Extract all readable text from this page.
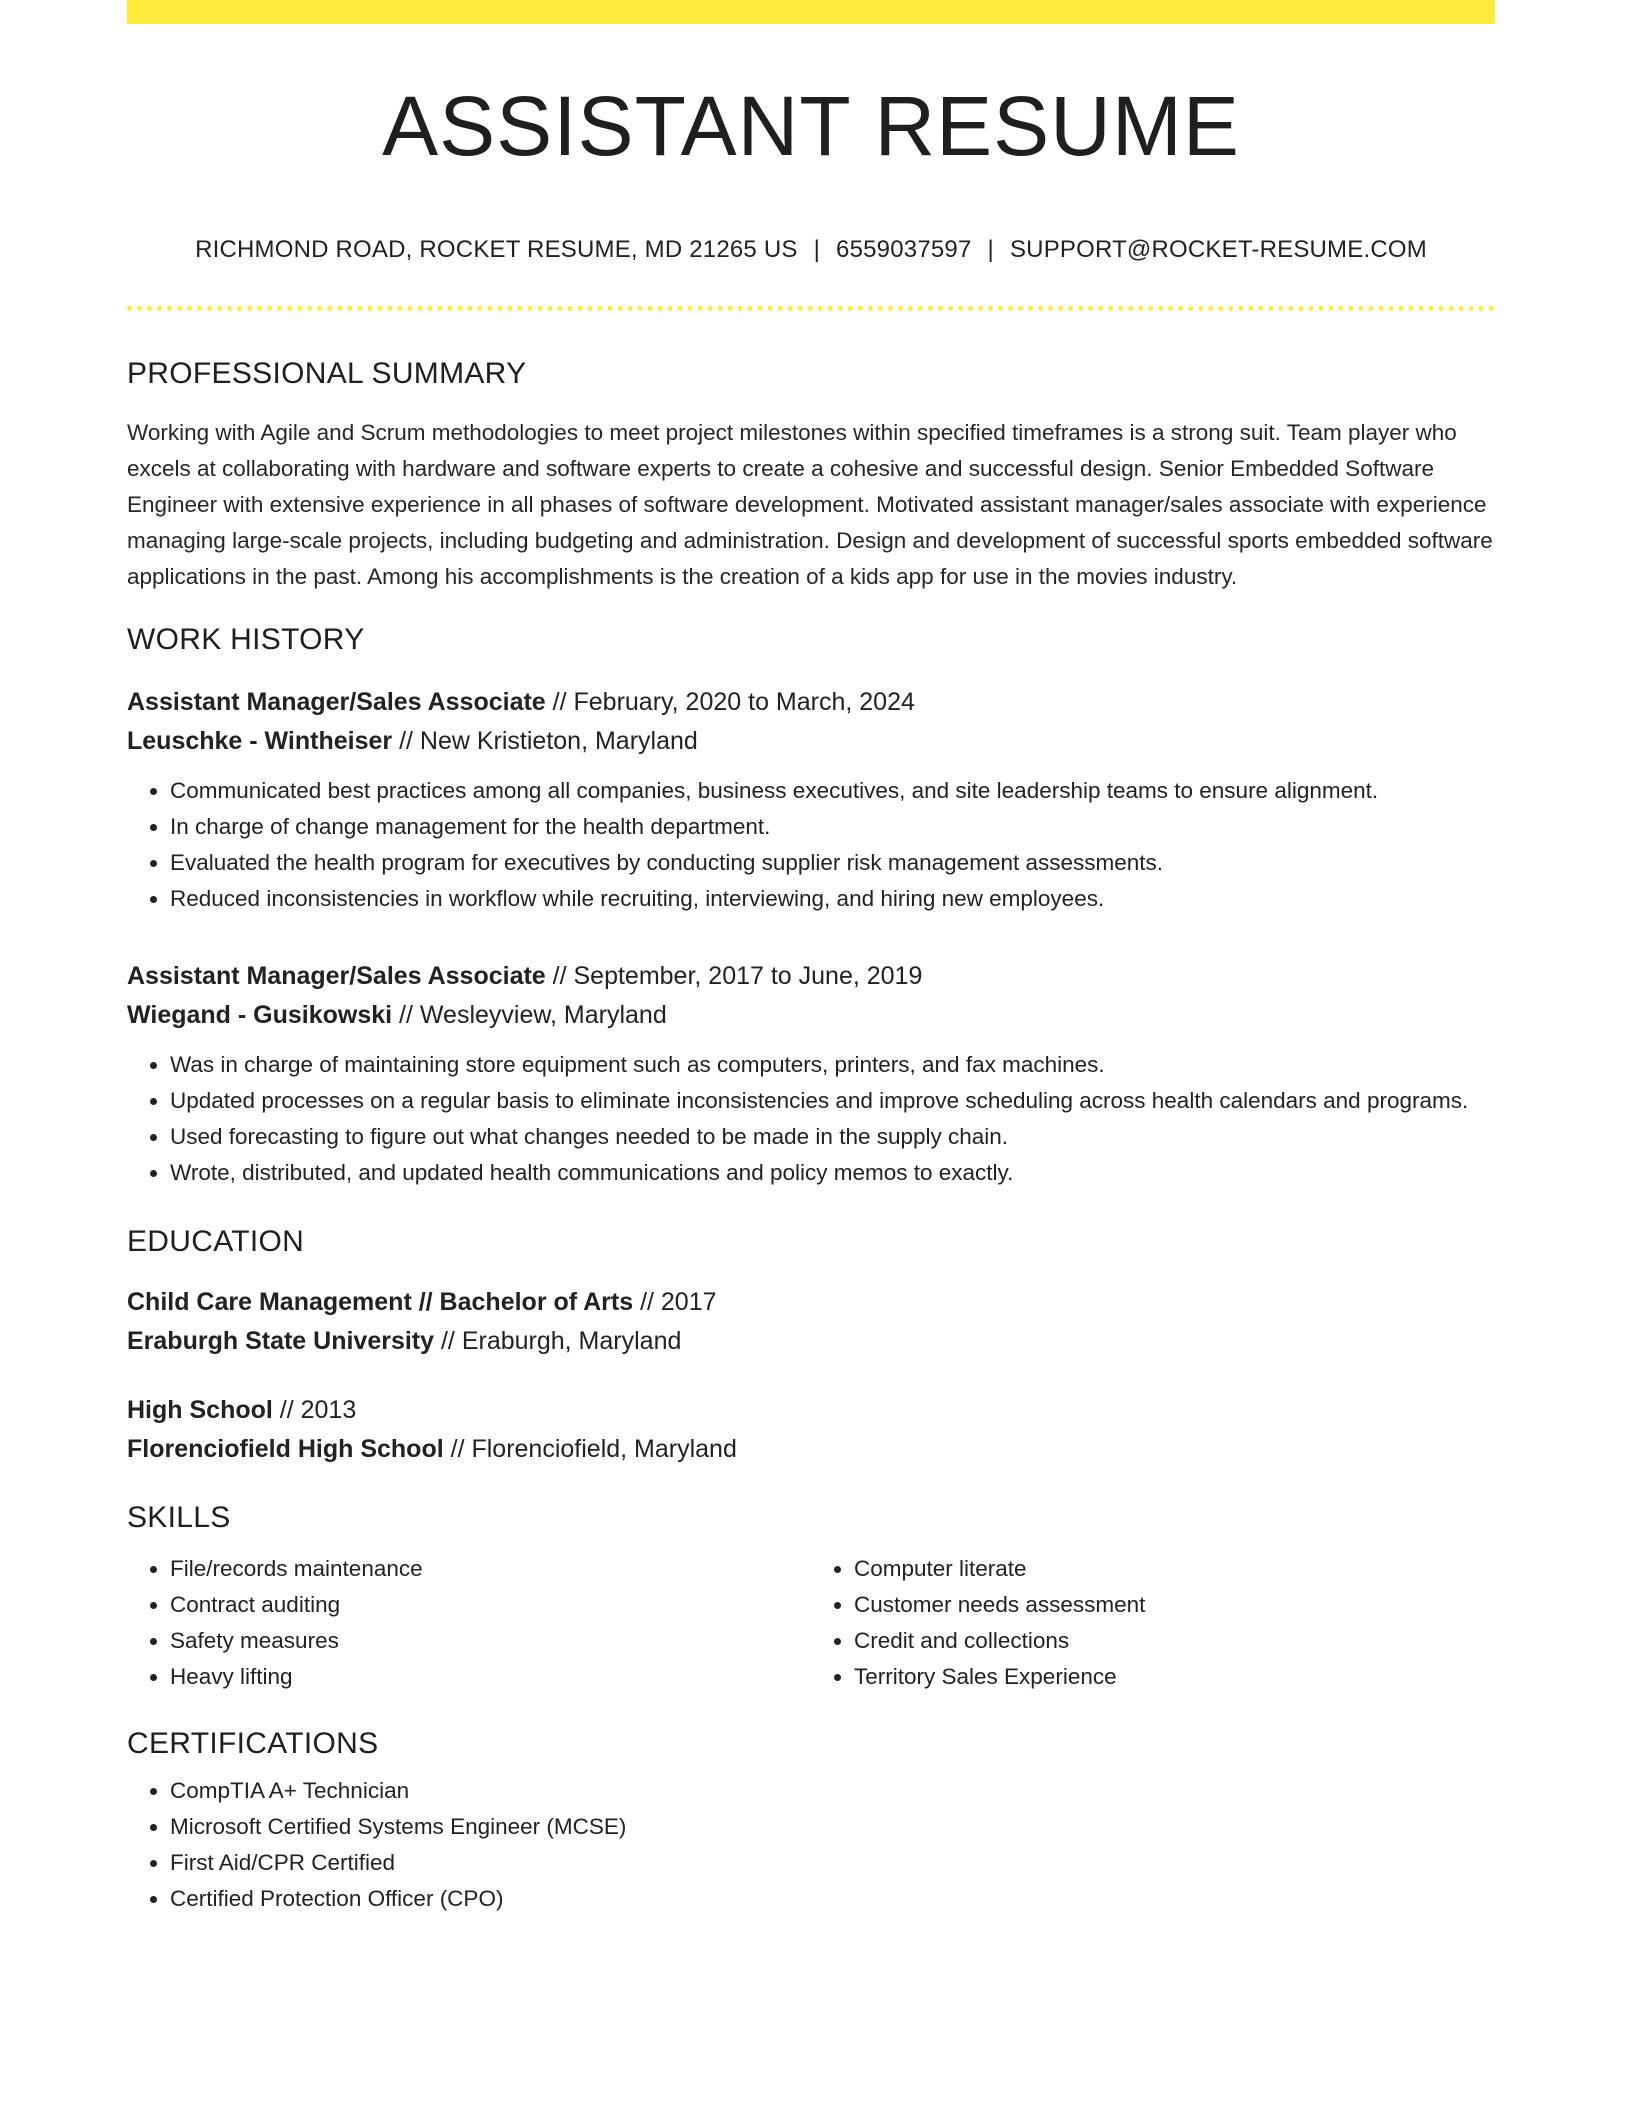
ASSISTANT RESUME
RICHMOND ROAD, ROCKET RESUME, MD 21265 US | 6559037597 | SUPPORT@ROCKET-RESUME.COM
PROFESSIONAL SUMMARY

Working with Agile and Scrum methodologies to meet project milestones within specified timeframes is a strong suit. Team player who excels at collaborating with hardware and software experts to create a cohesive and successful design. Senior Embedded Software Engineer with extensive experience in all phases of software development. Motivated assistant manager/sales associate with experience managing large-scale projects, including budgeting and administration. Design and development of successful sports embedded software applications in the past. Among his accomplishments is the creation of a kids app for use in the movies industry.

WORK HISTORY
Assistant Manager/Sales Associate // February, 2020 to March, 2024
Leuschke - Wintheiser // New Kristieton, Maryland
• Communicated best practices among all companies, business executives, and site leadership teams to ensure alignment.
• In charge of change management for the health department.
• Evaluated the health program for executives by conducting supplier risk management assessments.
• Reduced inconsistencies in workflow while recruiting, interviewing, and hiring new employees.
Assistant Manager/Sales Associate // September, 2017 to June, 2019
Wiegand - Gusikowski // Wesleyview, Maryland
• Was in charge of maintaining store equipment such as computers, printers, and fax machines.
• Updated processes on a regular basis to eliminate inconsistencies and improve scheduling across health calendars and programs.
• Used forecasting to figure out what changes needed to be made in the supply chain.
• Wrote, distributed, and updated health communications and policy memos to exactly.
EDUCATION
Child Care Management // Bachelor of Arts // 2017
Eraburgh State University // Eraburgh, Maryland
High School // 2013
Florenciofield High School // Florenciofield, Maryland
SKILLS
• File/records maintenance
• Contract auditing
• Safety measures
• Heavy lifting
• Computer literate
• Customer needs assessment
• Credit and collections
• Territory Sales Experience
CERTIFICATIONS
• CompTIA A+ Technician
• Microsoft Certified Systems Engineer (MCSE)
• First Aid/CPR Certified
• Certified Protection Officer (CPO)
